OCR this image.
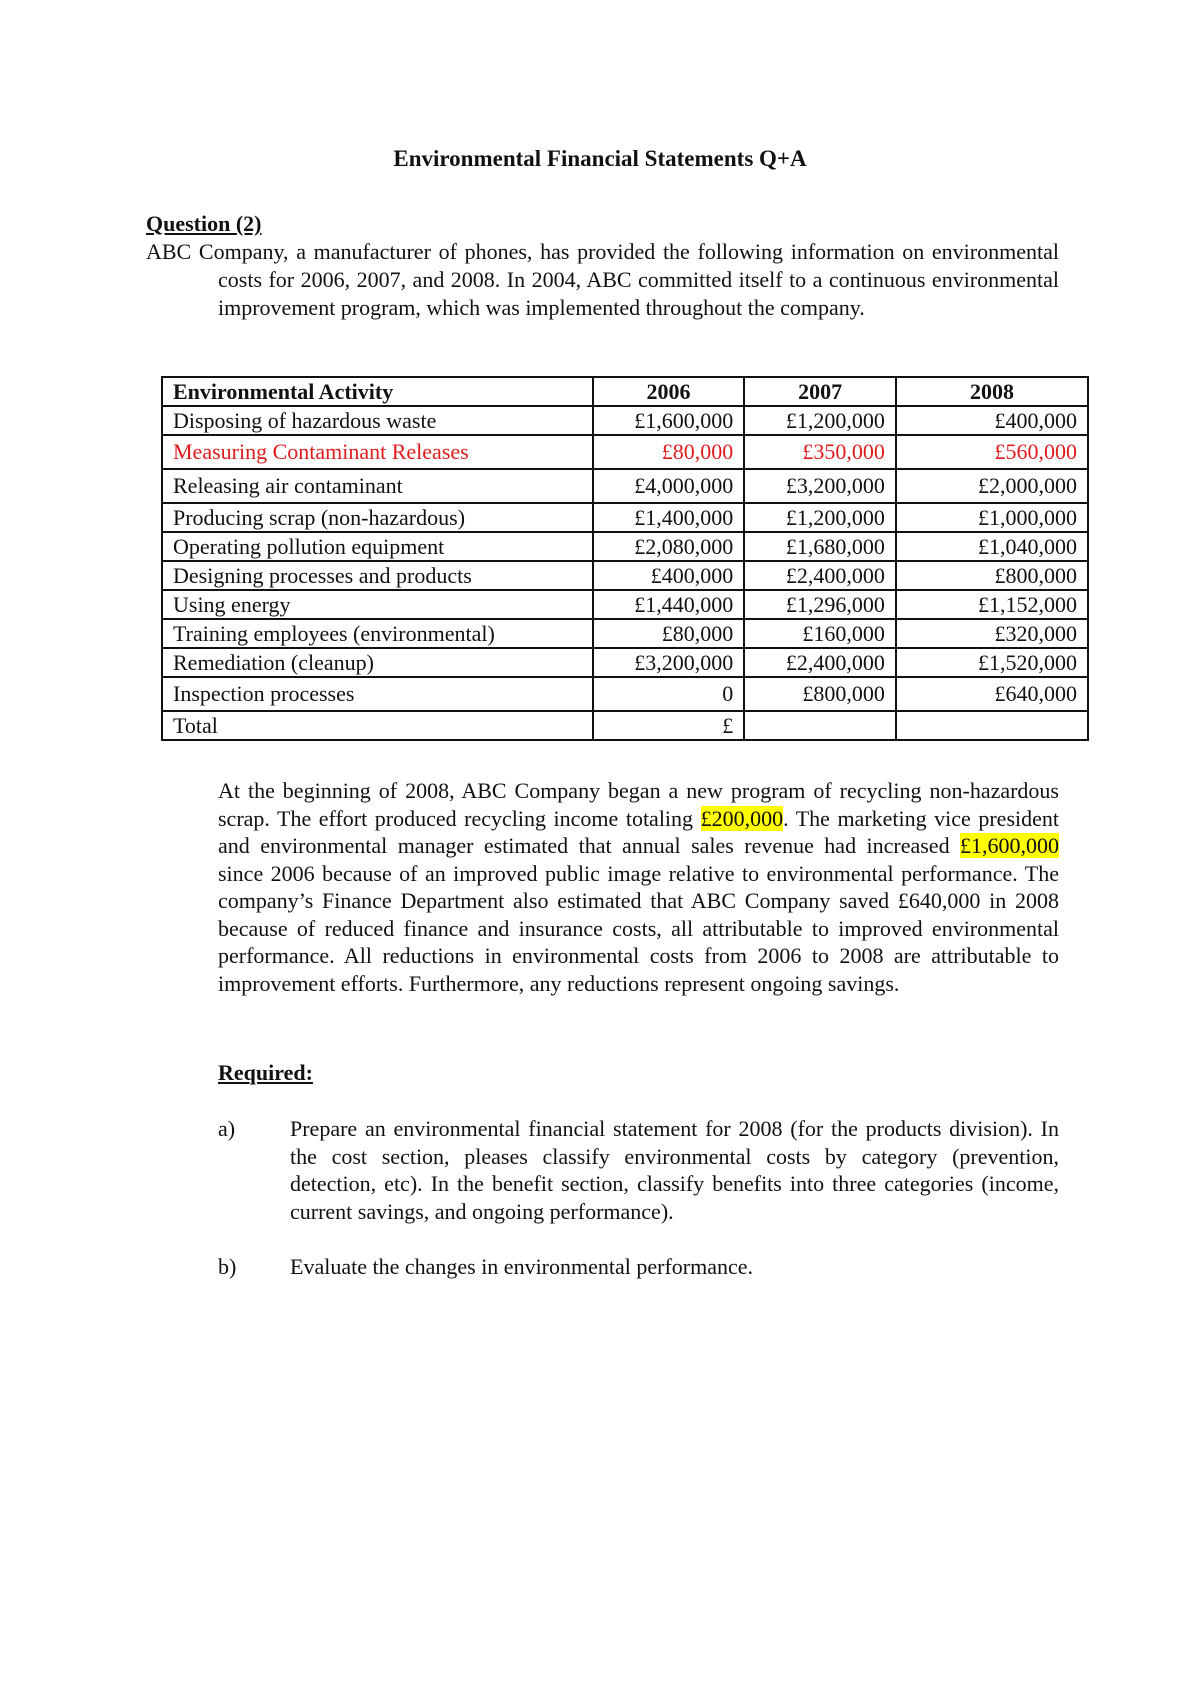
Environmental Financial Statements Q+A
Question (2)
ABC Company, a manufacturer of phones, has provided the following information on environmental costs for 2006, 2007, and 2008. In 2004, ABC committed itself to a continuous environmental improvement program, which was implemented throughout the company.
Environmental Activity	2006	2007	2008
Disposing of hazardous waste	£1,600,000	£1,200,000	£400,000
Measuring Contaminant Releases	£80,000	£350,000	£560,000
Releasing air contaminant	£4,000,000	£3,200,000	£2,000,000
Producing scrap (non-hazardous)	£1,400,000	£1,200,000	£1,000,000
Operating pollution equipment	£2,080,000	£1,680,000	£1,040,000
Designing processes and products	£400,000	£2,400,000	£800,000
Using energy	£1,440,000	£1,296,000	£1,152,000
Training employees (environmental)	£80,000	£160,000	£320,000
Remediation (cleanup)	£3,200,000	£2,400,000	£1,520,000
Inspection processes	0	£800,000	£640,000
Total	£		
At the beginning of 2008, ABC Company began a new program of recycling non-hazardous scrap. The effort produced recycling income totaling £200,000. The marketing vice president and environmental manager estimated that annual sales revenue had increased £1,600,000 since 2006 because of an improved public image relative to environmental performance. The company’s Finance Department also estimated that ABC Company saved £640,000 in 2008 because of reduced finance and insurance costs, all attributable to improved environmental performance. All reductions in environmental costs from 2006 to 2008 are attributable to improvement efforts. Furthermore, any reductions represent ongoing savings.
Required:
a) Prepare an environmental financial statement for 2008 (for the products division). In the cost section, pleases classify environmental costs by category (prevention, detection, etc). In the benefit section, classify benefits into three categories (income, current savings, and ongoing performance).
b) Evaluate the changes in environmental performance.
